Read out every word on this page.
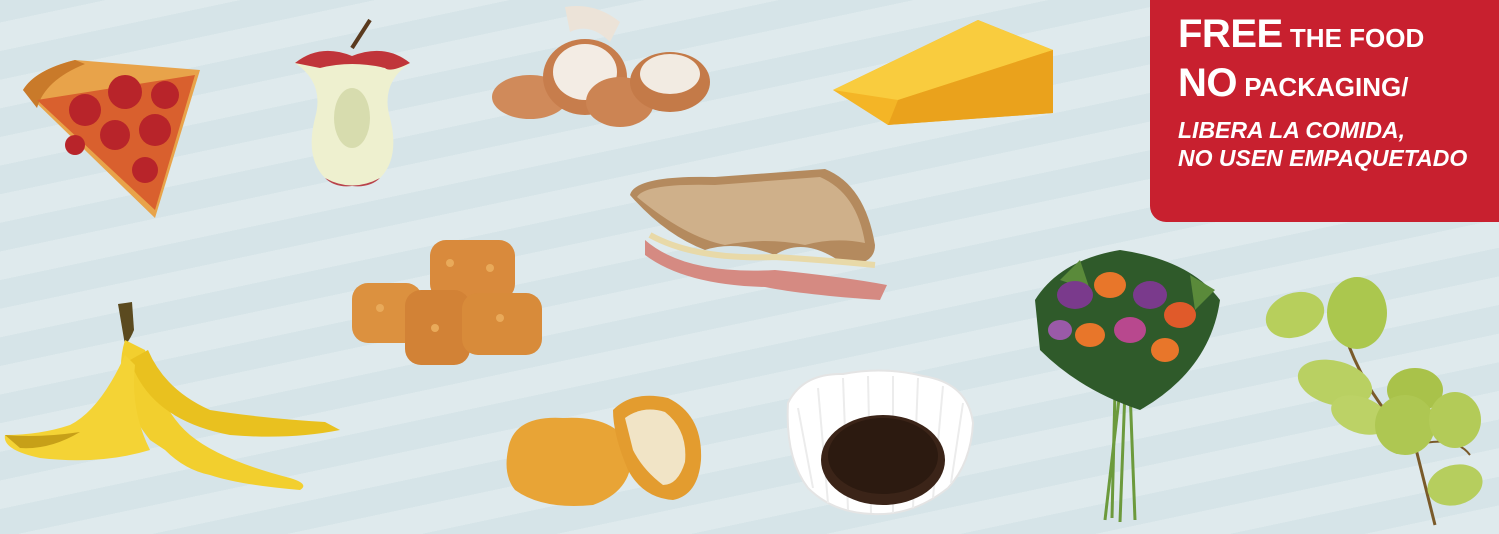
FREE THE FOOD
NO PACKAGING/
LIBERA LA COMIDA,
NO USEN EMPAQUETADO
